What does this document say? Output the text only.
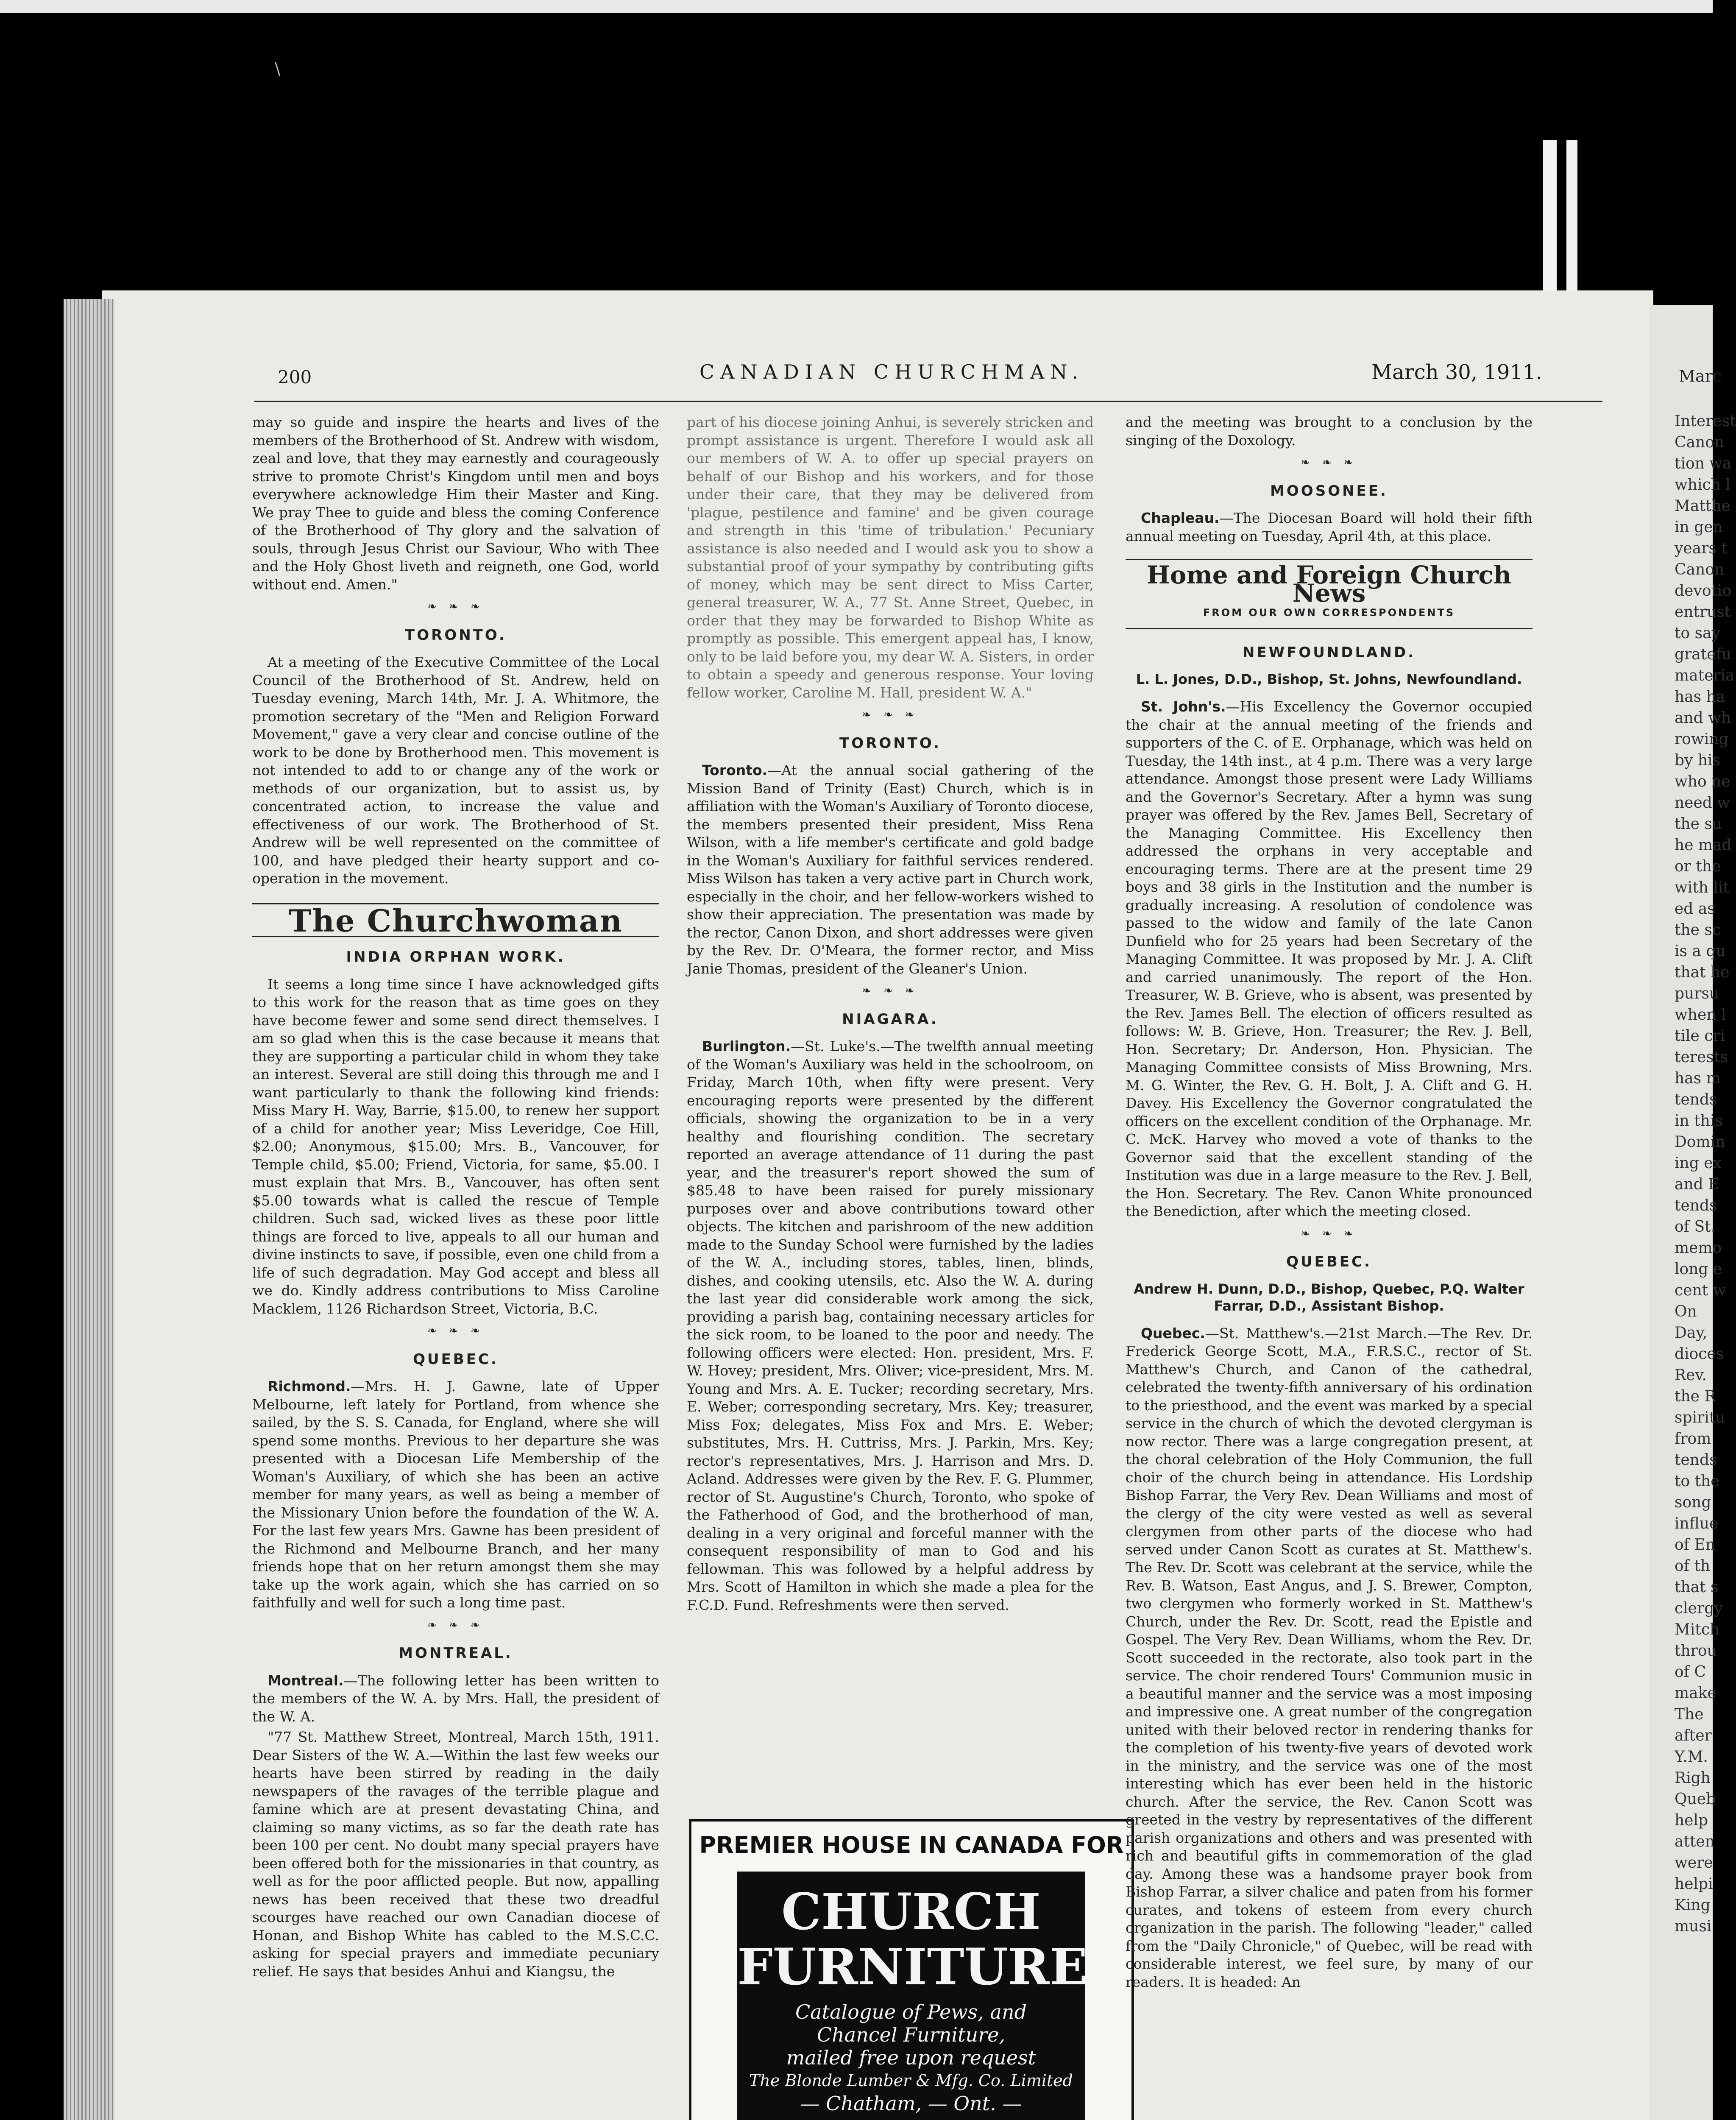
\
Marc
Interest
Canon
tion wa
which l
Matthe
in gen
years t
Canon
devotio
entrust
to say
gratefu
materia
has ha
and wh
rowing
by his
who ne
need w
the su
he mad
or the
with lit
ed as
the sc
is a qu
that he
pursu
when l
tile cri
terests
has m
tends
in this
Domin
ing ex
and E
tends
of St.
memo
long e
cent w
On
Day,
dioces
Rev.
the R
spiritu
from
tends
to the
song
influe
of En
of th
that s
clergy
Mitch
throu
of C
make
The
after
Y.M.
Righ
Queb
help
atten
were
helpi
King
musi
200	CANADIAN CHURCHMAN.	March 30, 1911.

may so guide and inspire the hearts and lives of the members of the Brotherhood of St. Andrew with wisdom, zeal and love, that they may earnestly and courageously strive to promote Christ's Kingdom until men and boys everywhere acknowledge Him their Master and King. We pray Thee to guide and bless the coming Conference of the Brotherhood of Thy glory and the salvation of souls, through Jesus Christ our Saviour, Who with Thee and the Holy Ghost liveth and reigneth, one God, world without end. Amen."

❧ ❧ ❧
TORONTO.

At a meeting of the Executive Committee of the Local Council of the Brotherhood of St. Andrew, held on Tuesday evening, March 14th, Mr. J. A. Whitmore, the promotion secretary of the "Men and Religion Forward Movement," gave a very clear and concise outline of the work to be done by Brotherhood men. This movement is not intended to add to or change any of the work or methods of our organization, but to assist us, by concentrated action, to increase the value and effectiveness of our work. The Brotherhood of St. Andrew will be well represented on the committee of 100, and have pledged their hearty support and co-operation in the movement.

The Churchwoman
INDIA ORPHAN WORK.

It seems a long time since I have acknowledged gifts to this work for the reason that as time goes on they have become fewer and some send direct themselves. I am so glad when this is the case because it means that they are supporting a particular child in whom they take an interest. Several are still doing this through me and I want particularly to thank the following kind friends: Miss Mary H. Way, Barrie, $15.00, to renew her support of a child for another year; Miss Leveridge, Coe Hill, $2.00; Anonymous, $15.00; Mrs. B., Vancouver, for Temple child, $5.00; Friend, Victoria, for same, $5.00. I must explain that Mrs. B., Vancouver, has often sent $5.00 towards what is called the rescue of Temple children. Such sad, wicked lives as these poor little things are forced to live, appeals to all our human and divine instincts to save, if possible, even one child from a life of such degradation. May God accept and bless all we do. Kindly address contributions to Miss Caroline Macklem, 1126 Richardson Street, Victoria, B.C.

❧ ❧ ❧
QUEBEC.

Richmond.—Mrs. H. J. Gawne, late of Upper Melbourne, left lately for Portland, from whence she sailed, by the S. S. Canada, for England, where she will spend some months. Previous to her departure she was presented with a Diocesan Life Membership of the Woman's Auxiliary, of which she has been an active member for many years, as well as being a member of the Missionary Union before the foundation of the W. A. For the last few years Mrs. Gawne has been president of the Richmond and Melbourne Branch, and her many friends hope that on her return amongst them she may take up the work again, which she has carried on so faithfully and well for such a long time past.

❧ ❧ ❧
MONTREAL.

Montreal.—The following letter has been written to the members of the W. A. by Mrs. Hall, the president of the W. A.

"77 St. Matthew Street, Montreal, March 15th, 1911. Dear Sisters of the W. A.—Within the last few weeks our hearts have been stirred by reading in the daily newspapers of the ravages of the terrible plague and famine which are at present devastating China, and claiming so many victims, as so far the death rate has been 100 per cent. No doubt many special prayers have been offered both for the missionaries in that country, as well as for the poor afflicted people. But now, appalling news has been received that these two dreadful scourges have reached our own Canadian diocese of Honan, and Bishop White has cabled to the M.S.C.C. asking for special prayers and immediate pecuniary relief. He says that besides Anhui and Kiangsu, the

part of his diocese joining Anhui, is severely stricken and prompt assistance is urgent. Therefore I would ask all our members of W. A. to offer up special prayers on behalf of our Bishop and his workers, and for those under their care, that they may be delivered from 'plague, pestilence and famine' and be given courage and strength in this 'time of tribulation.' Pecuniary assistance is also needed and I would ask you to show a substantial proof of your sympathy by contributing gifts of money, which may be sent direct to Miss Carter, general treasurer, W. A., 77 St. Anne Street, Quebec, in order that they may be forwarded to Bishop White as promptly as possible. This emergent appeal has, I know, only to be laid before you, my dear W. A. Sisters, in order to obtain a speedy and generous response. Your loving fellow worker, Caroline M. Hall, president W. A."

❧ ❧ ❧
TORONTO.

Toronto.—At the annual social gathering of the Mission Band of Trinity (East) Church, which is in affiliation with the Woman's Auxiliary of Toronto diocese, the members presented their president, Miss Rena Wilson, with a life member's certificate and gold badge in the Woman's Auxiliary for faithful services rendered. Miss Wilson has taken a very active part in Church work, especially in the choir, and her fellow-workers wished to show their appreciation. The presentation was made by the rector, Canon Dixon, and short addresses were given by the Rev. Dr. O'Meara, the former rector, and Miss Janie Thomas, president of the Gleaner's Union.

❧ ❧ ❧
NIAGARA.

Burlington.—St. Luke's.—The twelfth annual meeting of the Woman's Auxiliary was held in the schoolroom, on Friday, March 10th, when fifty were present. Very encouraging reports were presented by the different officials, showing the organization to be in a very healthy and flourishing condition. The secretary reported an average attendance of 11 during the past year, and the treasurer's report showed the sum of $85.48 to have been raised for purely missionary purposes over and above contributions toward other objects. The kitchen and parishroom of the new addition made to the Sunday School were furnished by the ladies of the W. A., including stores, tables, linen, blinds, dishes, and cooking utensils, etc. Also the W. A. during the last year did considerable work among the sick, providing a parish bag, containing necessary articles for the sick room, to be loaned to the poor and needy. The following officers were elected: Hon. president, Mrs. F. W. Hovey; president, Mrs. Oliver; vice-president, Mrs. M. Young and Mrs. A. E. Tucker; recording secretary, Mrs. E. Weber; corresponding secretary, Mrs. Key; treasurer, Miss Fox; delegates, Miss Fox and Mrs. E. Weber; substitutes, Mrs. H. Cuttriss, Mrs. J. Parkin, Mrs. Key; rector's representatives, Mrs. J. Harrison and Mrs. D. Acland. Addresses were given by the Rev. F. G. Plummer, rector of St. Augustine's Church, Toronto, who spoke of the Fatherhood of God, and the brotherhood of man, dealing in a very original and forceful manner with the consequent responsibility of man to God and his fellowman. This was followed by a helpful address by Mrs. Scott of Hamilton in which she made a plea for the F.C.D. Fund. Refreshments were then served.

PREMIER HOUSE IN CANADA FOR
CHURCH
FURNITURE
Catalogue of Pews, and
Chancel Furniture,
mailed free upon request
The Blonde Lumber & Mfg. Co. Limited
— Chatham, — Ont. —

and the meeting was brought to a conclusion by the singing of the Doxology.

❧ ❧ ❧
MOOSONEE.

Chapleau.—The Diocesan Board will hold their fifth annual meeting on Tuesday, April 4th, at this place.

Home and Foreign Church News
FROM OUR OWN CORRESPONDENTS
NEWFOUNDLAND.
L. L. Jones, D.D., Bishop, St. Johns, Newfoundland.

St. John's.—His Excellency the Governor occupied the chair at the annual meeting of the friends and supporters of the C. of E. Orphanage, which was held on Tuesday, the 14th inst., at 4 p.m. There was a very large attendance. Amongst those present were Lady Williams and the Governor's Secretary. After a hymn was sung prayer was offered by the Rev. James Bell, Secretary of the Managing Committee. His Excellency then addressed the orphans in very acceptable and encouraging terms. There are at the present time 29 boys and 38 girls in the Institution and the number is gradually increasing. A resolution of condolence was passed to the widow and family of the late Canon Dunfield who for 25 years had been Secretary of the Managing Committee. It was proposed by Mr. J. A. Clift and carried unanimously. The report of the Hon. Treasurer, W. B. Grieve, who is absent, was presented by the Rev. James Bell. The election of officers resulted as follows: W. B. Grieve, Hon. Treasurer; the Rev. J. Bell, Hon. Secretary; Dr. Anderson, Hon. Physician. The Managing Committee consists of Miss Browning, Mrs. M. G. Winter, the Rev. G. H. Bolt, J. A. Clift and G. H. Davey. His Excellency the Governor congratulated the officers on the excellent condition of the Orphanage. Mr. C. McK. Harvey who moved a vote of thanks to the Governor said that the excellent standing of the Institution was due in a large measure to the Rev. J. Bell, the Hon. Secretary. The Rev. Canon White pronounced the Benediction, after which the meeting closed.

❧ ❧ ❧
QUEBEC.
Andrew H. Dunn, D.D., Bishop, Quebec, P.Q. Walter Farrar, D.D., Assistant Bishop.

Quebec.—St. Matthew's.—21st March.—The Rev. Dr. Frederick George Scott, M.A., F.R.S.C., rector of St. Matthew's Church, and Canon of the cathedral, celebrated the twenty-fifth anniversary of his ordination to the priesthood, and the event was marked by a special service in the church of which the devoted clergyman is now rector. There was a large congregation present, at the choral celebration of the Holy Communion, the full choir of the church being in attendance. His Lordship Bishop Farrar, the Very Rev. Dean Williams and most of the clergy of the city were vested as well as several clergymen from other parts of the diocese who had served under Canon Scott as curates at St. Matthew's. The Rev. Dr. Scott was celebrant at the service, while the Rev. B. Watson, East Angus, and J. S. Brewer, Compton, two clergymen who formerly worked in St. Matthew's Church, under the Rev. Dr. Scott, read the Epistle and Gospel. The Very Rev. Dean Williams, whom the Rev. Dr. Scott succeeded in the rectorate, also took part in the service. The choir rendered Tours' Communion music in a beautiful manner and the service was a most imposing and impressive one. A great number of the congregation united with their beloved rector in rendering thanks for the completion of his twenty-five years of devoted work in the ministry, and the service was one of the most interesting which has ever been held in the historic church. After the service, the Rev. Canon Scott was greeted in the vestry by representatives of the different parish organizations and others and was presented with rich and beautiful gifts in commemoration of the glad day. Among these was a handsome prayer book from Bishop Farrar, a silver chalice and paten from his former curates, and tokens of esteem from every church organization in the parish. The following "leader," called from the "Daily Chronicle," of Quebec, will be read with considerable interest, we feel sure, by many of our readers. It is headed: An
